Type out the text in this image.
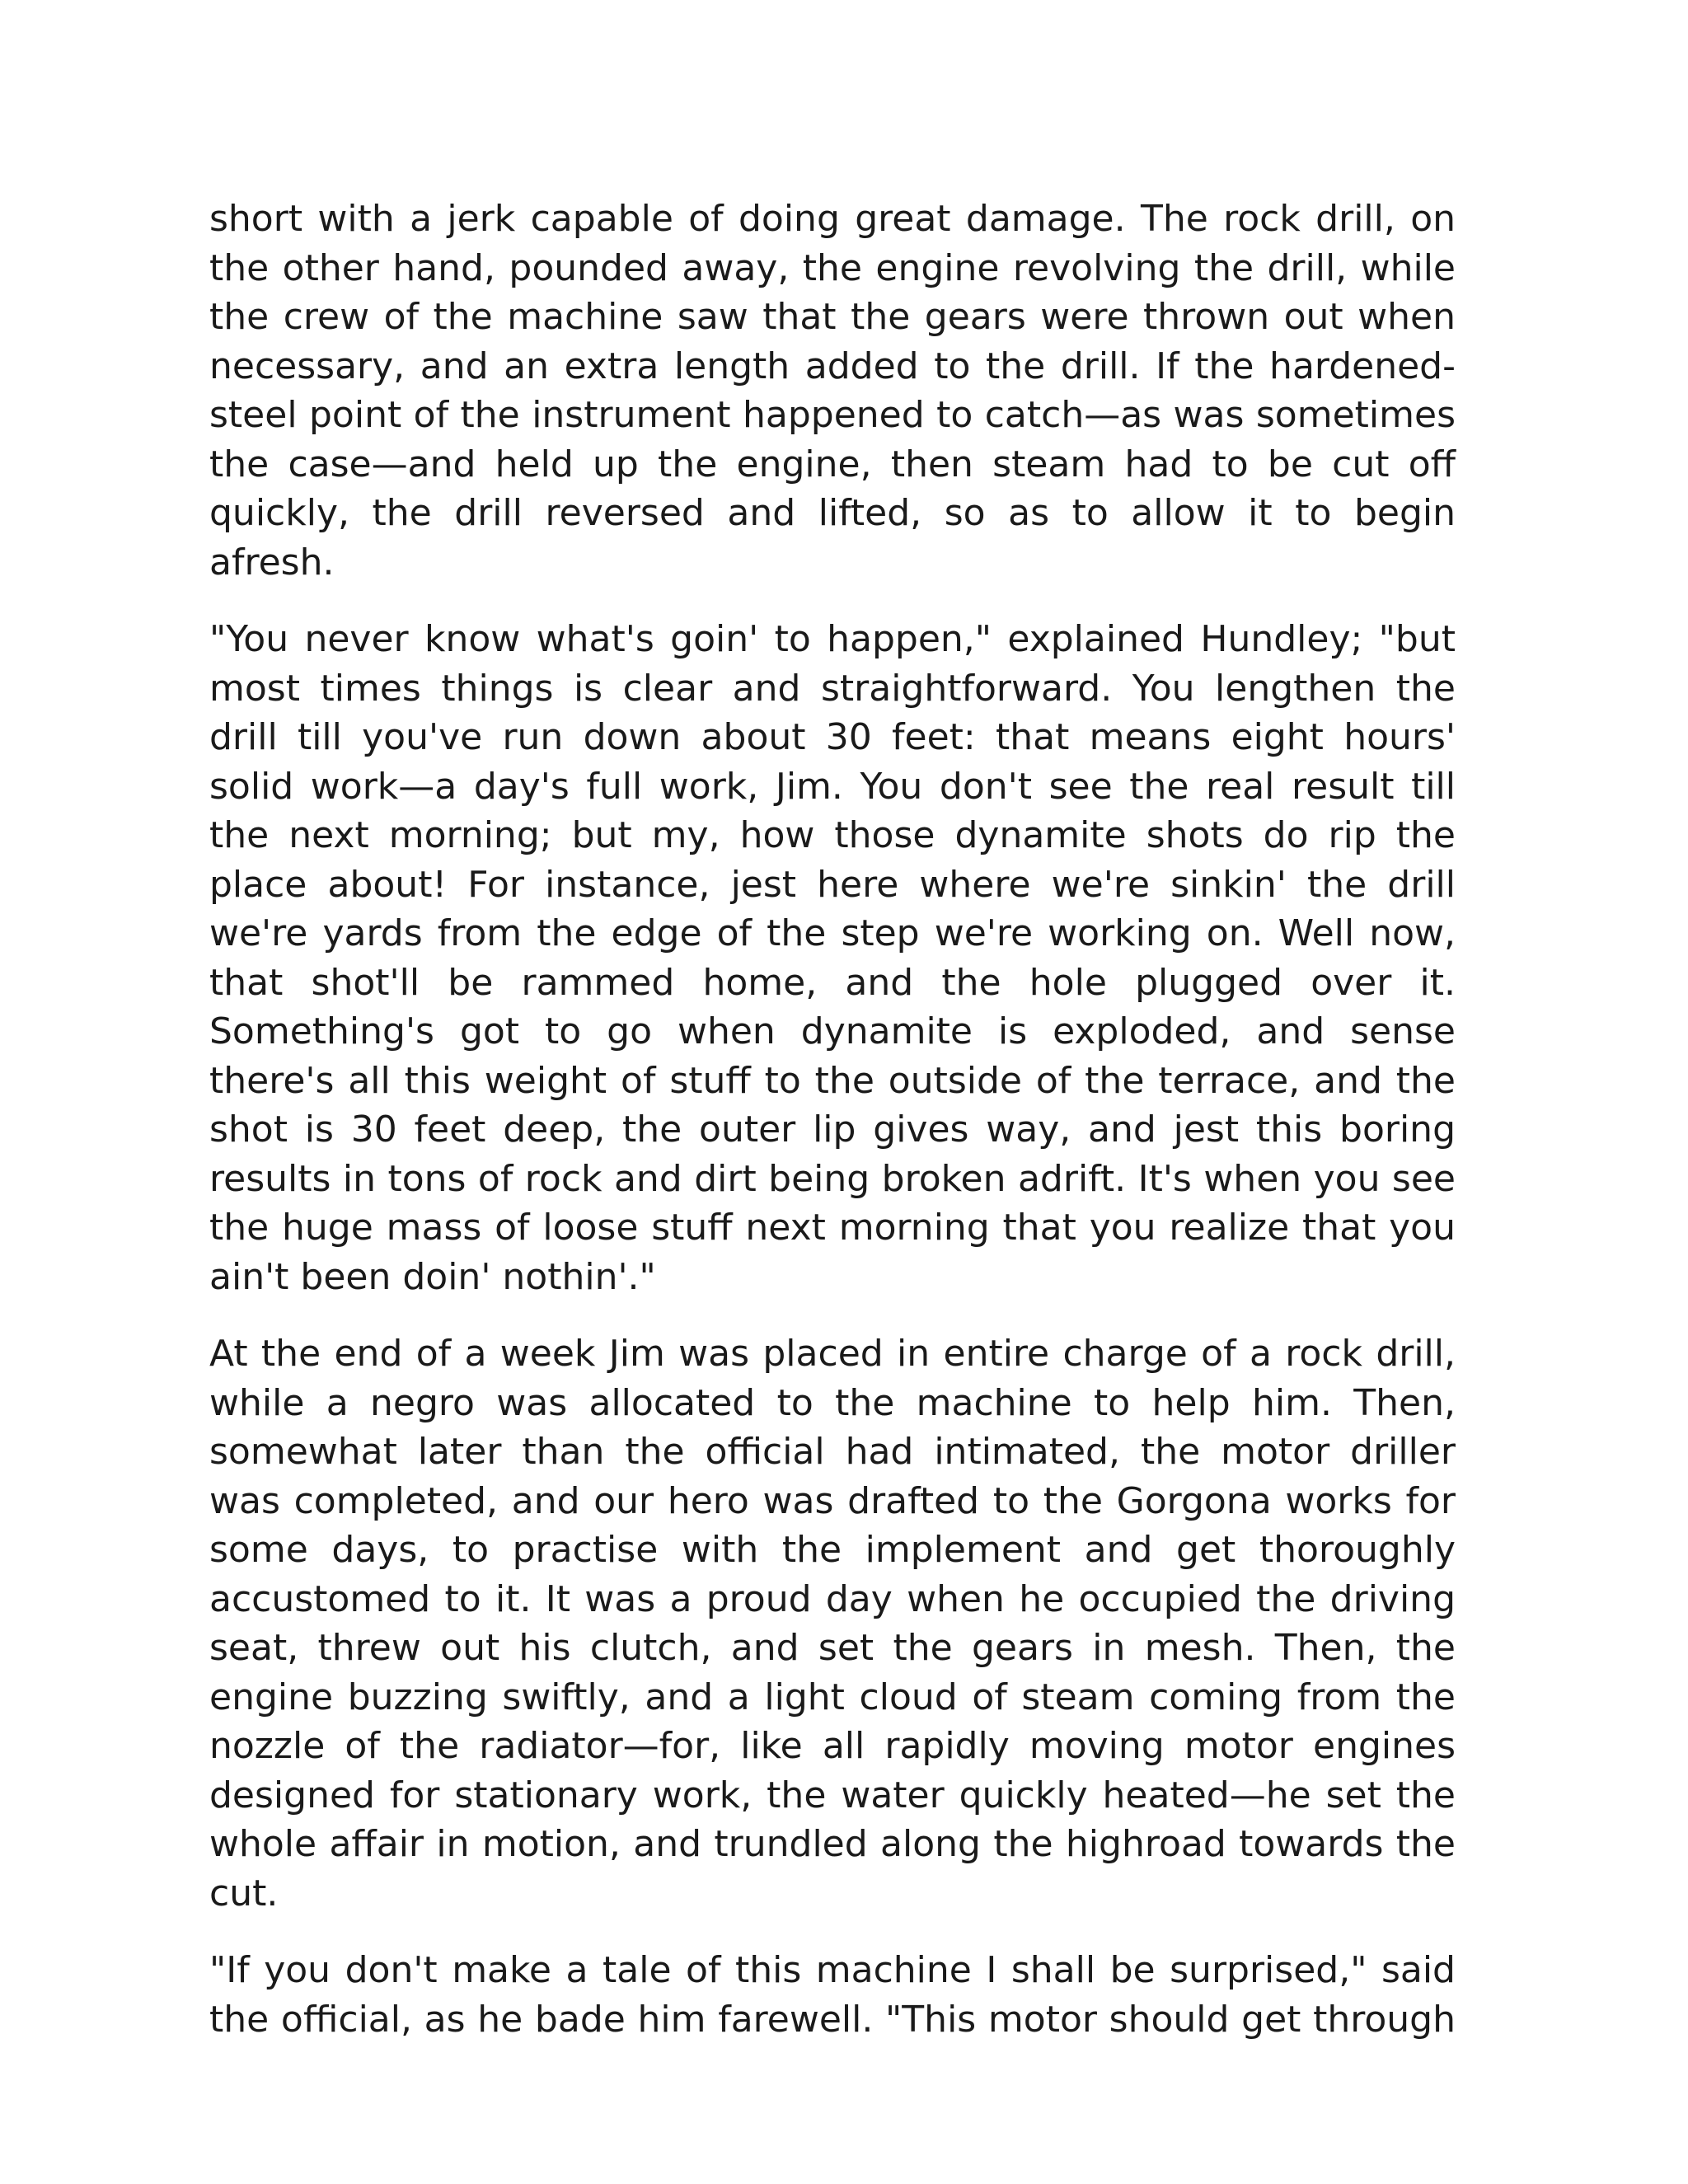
short with a jerk capable of doing great damage. The rock drill, on the other hand, pounded away, the engine revolving the drill, while the crew of the machine saw that the gears were thrown out when necessary, and an extra length added to the drill. If the hardened-steel point of the instrument happened to catch—as was sometimes the case—and held up the engine, then steam had to be cut off quickly, the drill reversed and lifted, so as to allow it to begin afresh.

"You never know what's goin' to happen," explained Hundley; "but most times things is clear and straightforward. You lengthen the drill till you've run down about 30 feet: that means eight hours' solid work—a day's full work, Jim. You don't see the real result till the next morning; but my, how those dynamite shots do rip the place about! For instance, jest here where we're sinkin' the drill we're yards from the edge of the step we're working on. Well now, that shot'll be rammed home, and the hole plugged over it. Something's got to go when dynamite is exploded, and sense there's all this weight of stuff to the outside of the terrace, and the shot is 30 feet deep, the outer lip gives way, and jest this boring results in tons of rock and dirt being broken adrift. It's when you see the huge mass of loose stuff next morning that you realize that you ain't been doin' nothin'."

At the end of a week Jim was placed in entire charge of a rock drill, while a negro was allocated to the machine to help him. Then, somewhat later than the official had intimated, the motor driller was completed, and our hero was drafted to the Gorgona works for some days, to practise with the implement and get thoroughly accustomed to it. It was a proud day when he occupied the driving seat, threw out his clutch, and set the gears in mesh. Then, the engine buzzing swiftly, and a light cloud of steam coming from the nozzle of the radiator—for, like all rapidly moving motor engines designed for stationary work, the water quickly heated—he set the whole affair in motion, and trundled along the highroad towards the cut.

"If you don't make a tale of this machine I shall be surprised," said the official, as he bade him farewell. "This motor should get through
